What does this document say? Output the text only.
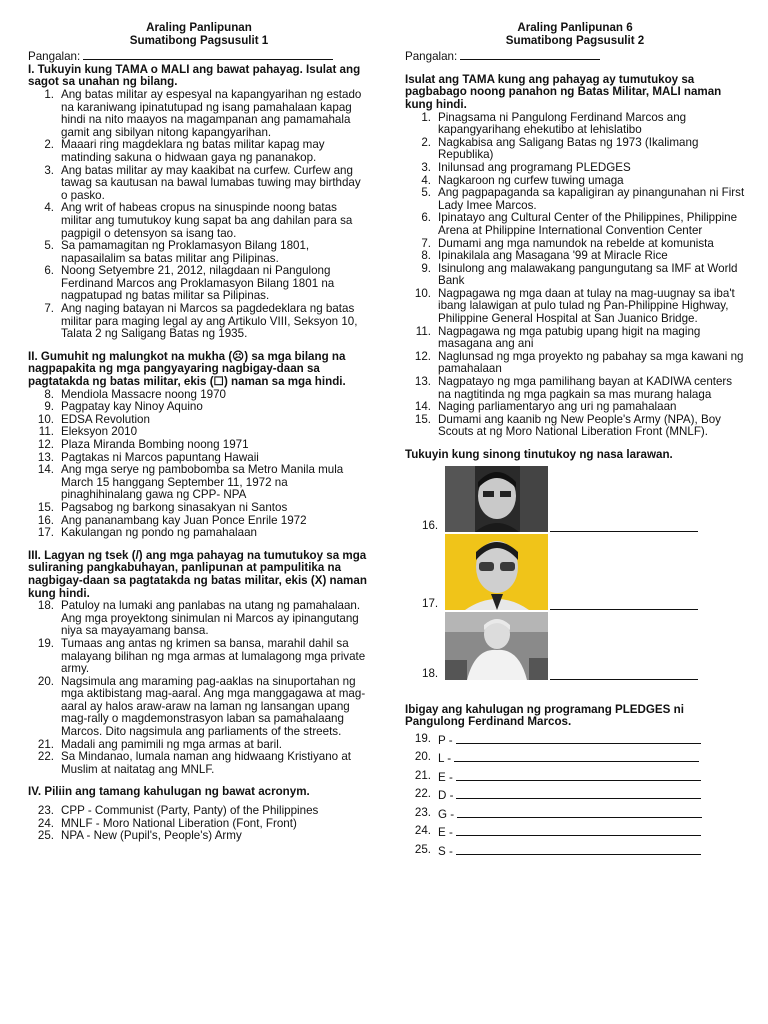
Araling Panlipunan

Sumatibong Pagsusulit 1

Pangalan:

I. Tukuyin kung TAMA o MALI ang bawat pahayag. Isulat ang sagot sa unahan ng bilang.

1. Ang batas militar ay espesyal na kapangyarihan ng estado na karaniwang ipinatutupad ng isang pamahalaan kapag hindi na nito maayos na magampanan ang pamamahala gamit ang sibilyan nitong kapangyarihan.
2. Maaari ring magdeklara ng batas militar kapag may matinding sakuna o hidwaan gaya ng pananakop.
3. Ang batas militar ay may kaakibat na curfew. Curfew ang tawag sa kautusan na bawal lumabas tuwing may birthday o pasko.
4. Ang writ of habeas cropus na sinuspinde noong batas militar ang tumutukoy kung sapat ba ang dahilan para sa pagpigil o detensyon sa isang tao.
5. Sa pamamagitan ng Proklamasyon Bilang 1801, napasailalim sa batas militar ang Pilipinas.
6. Noong Setyembre 21, 2012, nilagdaan ni Pangulong Ferdinand Marcos ang Proklamasyon Bilang 1801 na nagpatupad ng batas militar sa Pilipinas.
7. Ang naging batayan ni Marcos sa pagdedeklara ng batas militar para maging legal ay ang Artikulo VIII, Seksyon 10, Talata 2 ng Saligang Batas ng 1935.

II. Gumuhit ng malungkot na mukha (☹) sa mga bilang na nagpapakita ng mga pangyayaring nagbigay-daan sa pagtatakda ng batas militar, ekis (☐) naman sa mga hindi.

8. Mendiola Massacre noong 1970
9. Pagpatay kay Ninoy Aquino
10. EDSA Revolution
11. Eleksyon 2010
12. Plaza Miranda Bombing noong 1971
13. Pagtakas ni Marcos papuntang Hawaii
14. Ang mga serye ng pambobomba sa Metro Manila mula March 15 hanggang September 11, 1972 na pinaghihinalang gawa ng CPP- NPA
15. Pagsabog ng barkong sinasakyan ni Santos
16. Ang pananambang kay Juan Ponce Enrile 1972
17. Kakulangan ng pondo ng pamahalaan

III. Lagyan ng tsek (/) ang mga pahayag na tumutukoy sa mga suliraning pangkabuhayan, panlipunan at pampulitika na nagbigay-daan sa pagtatakda ng batas militar, ekis (X) naman kung hindi.

18. Patuloy na lumaki ang panlabas na utang ng pamahalaan. Ang mga proyektong sinimulan ni Marcos ay ipinangutang niya sa mayayamang bansa.
19. Tumaas ang antas ng krimen sa bansa, marahil dahil sa malayang bilihan ng mga armas at lumalagong mga private army.
20. Nagsimula ang maraming pag-aaklas na sinuportahan ng mga aktibistang mag-aaral. Ang mga manggagawa at mag-aaral ay halos araw-araw na laman ng lansangan upang mag-rally o magdemonstrasyon laban sa pamahalaang Marcos. Dito nagsimula ang parliaments of the streets.
21. Madali ang pamimili ng mga armas at baril.
22. Sa Mindanao, lumala naman ang hidwaang Kristiyano at Muslim at naitatag ang MNLF.

IV. Piliin ang tamang kahulugan ng bawat acronym.

23. CPP - Communist (Party, Panty) of the Philippines
24. MNLF - Moro National Liberation (Font, Front)
25. NPA - New (Pupil's, People's) Army

Araling Panlipunan 6

Sumatibong Pagsusulit 2

Pangalan:

Isulat ang TAMA kung ang pahayag ay tumutukoy sa pagbabago noong panahon ng Batas Militar, MALI naman kung hindi.

1. Pinagsama ni Pangulong Ferdinand Marcos ang kapangyarihang ehekutibo at lehislatibo
2. Nagkabisa ang Saligang Batas ng 1973 (Ikalimang Republika)
3. Inilunsad ang programang PLEDGES
4. Nagkaroon ng curfew tuwing umaga
5. Ang pagpapaganda sa kapaligiran ay pinangunahan ni First Lady Imee Marcos.
6. Ipinatayo ang Cultural Center of the Philippines, Philippine Arena at Philippine International Convention Center
7. Dumami ang mga namundok na rebelde at komunista
8. Ipinakilala ang Masagana '99 at Miracle Rice
9. Isinulong ang malawakang pangungutang sa IMF at World Bank
10. Nagpagawa ng mga daan at tulay na mag-uugnay sa iba't ibang lalawigan at pulo tulad ng Pan-Philippine Highway, Philippine General Hospital at San Juanico Bridge.
11. Nagpagawa ng mga patubig upang higit na maging masagana ang ani
12. Naglunsad ng mga proyekto ng pabahay sa mga kawani ng pamahalaan
13. Nagpatayo ng mga pamilihang bayan at KADIWA centers na nagtitinda ng mga pagkain sa mas murang halaga
14. Naging parliamentaryo ang uri ng pamahalaan
15. Dumami ang kaanib ng New People's Army (NPA), Boy Scouts at ng Moro National Liberation Front (MNLF).

Tukuyin kung sinong tinutukoy ng nasa larawan.

16.
17.
18.

Ibigay ang kahulugan ng programang PLEDGES ni Pangulong Ferdinand Marcos.

19. P -
20. L -
21. E -
22. D -
23. G -
24. E -
25. S -
